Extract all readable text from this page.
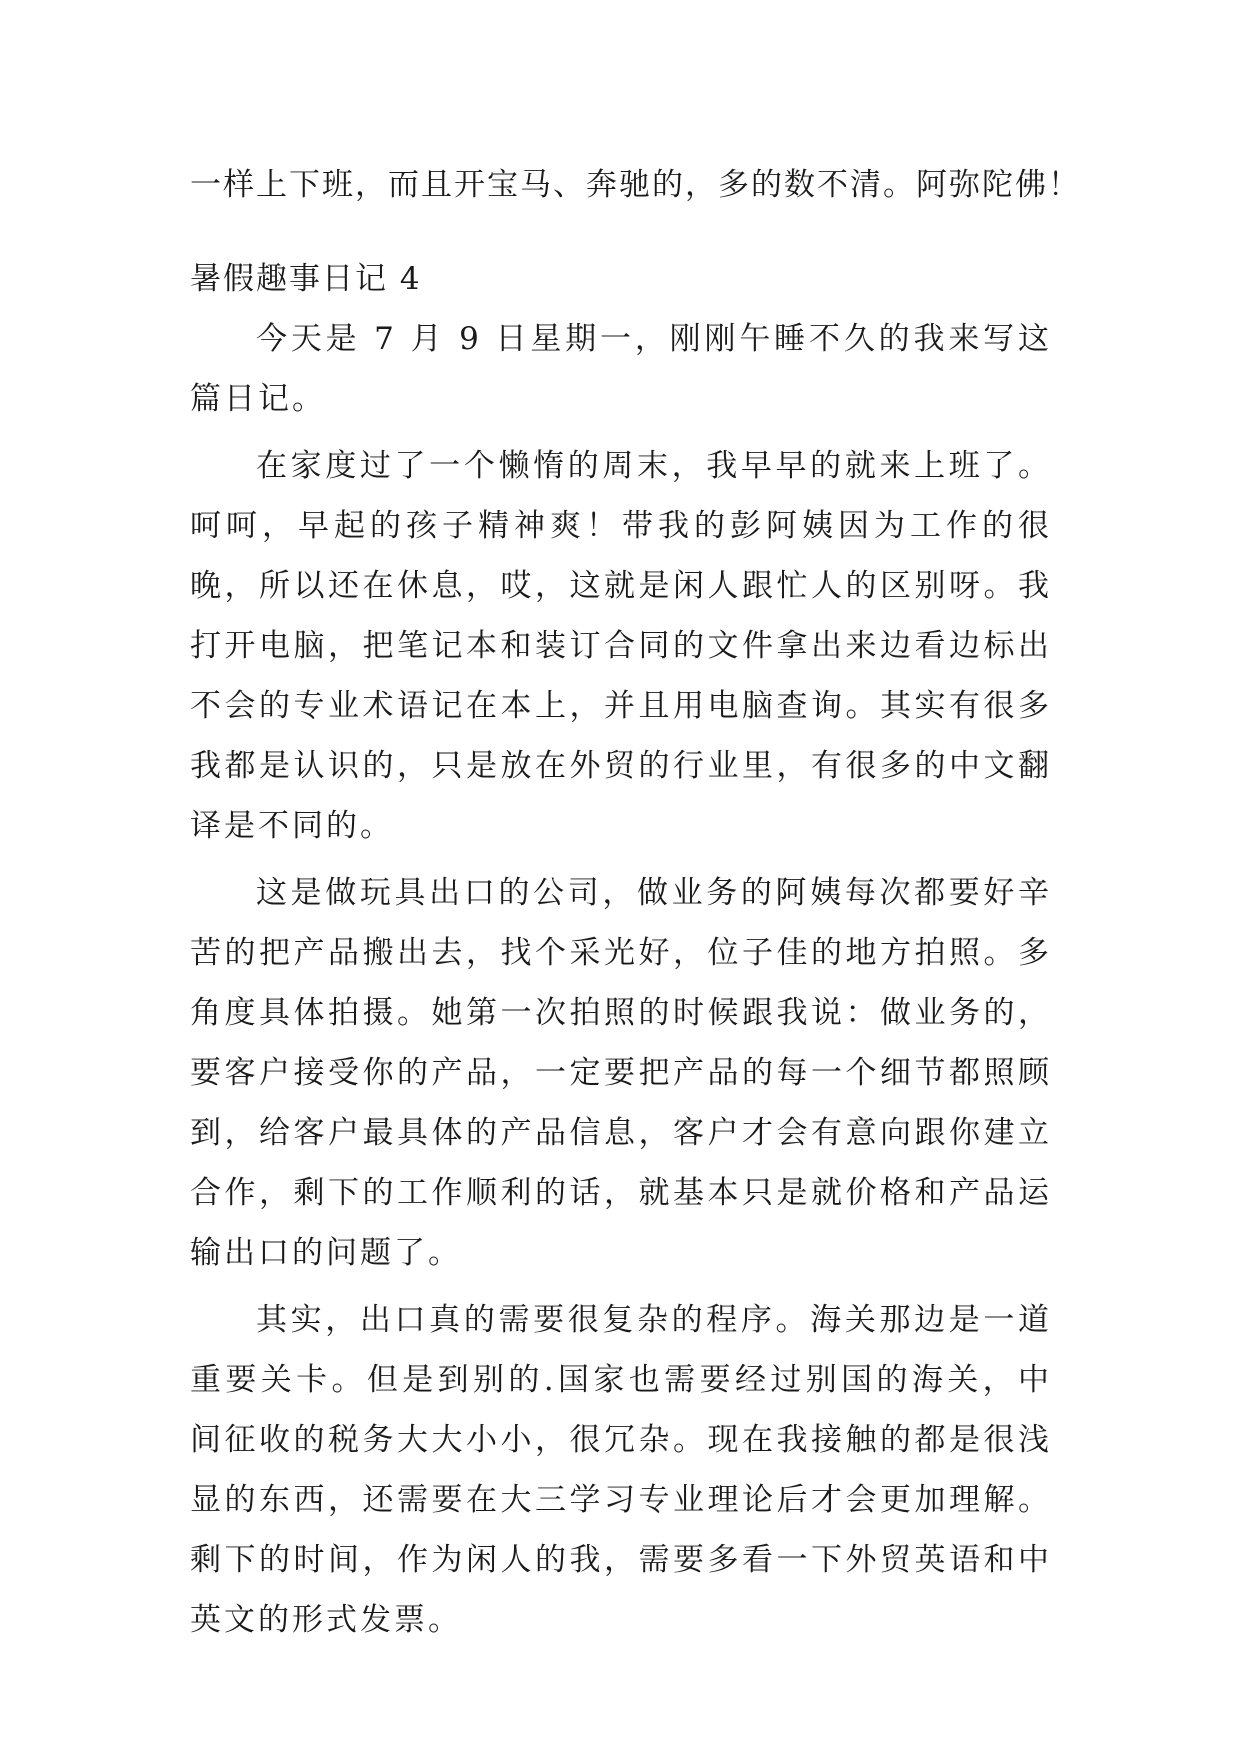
一样上下班，而且开宝马、奔驰的，多的数不清。阿弥陀佛！

暑假趣事日记 4

今天是 7 月 9 日星期一，刚刚午睡不久的我来写这篇日记。

在家度过了一个懒惰的周末，我早早的就来上班了。呵呵，早起的孩子精神爽！带我的彭阿姨因为工作的很晚，所以还在休息，哎，这就是闲人跟忙人的区别呀。我打开电脑，把笔记本和装订合同的文件拿出来边看边标出不会的专业术语记在本上，并且用电脑查询。其实有很多我都是认识的，只是放在外贸的行业里，有很多的中文翻译是不同的。

这是做玩具出口的公司，做业务的阿姨每次都要好辛苦的把产品搬出去，找个采光好，位子佳的地方拍照。多角度具体拍摄。她第一次拍照的时候跟我说：做业务的，要客户接受你的产品，一定要把产品的每一个细节都照顾到，给客户最具体的产品信息，客户才会有意向跟你建立合作，剩下的工作顺利的话，就基本只是就价格和产品运输出口的问题了。

其实，出口真的需要很复杂的程序。海关那边是一道重要关卡。但是到别的.国家也需要经过别国的海关，中间征收的税务大大小小，很冗杂。现在我接触的都是很浅显的东西，还需要在大三学习专业理论后才会更加理解。剩下的时间，作为闲人的我，需要多看一下外贸英语和中英文的形式发票。
